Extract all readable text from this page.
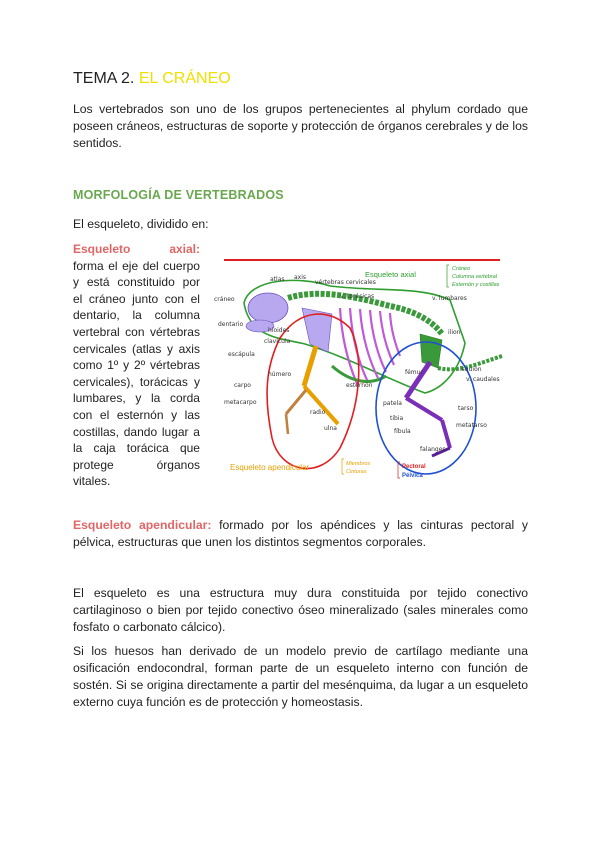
TEMA 2. EL CRÁNEO
Los vertebrados son uno de los grupos pertenecientes al phylum cordado que poseen cráneos, estructuras de soporte y protección de órganos cerebrales y de los sentidos.
MORFOLOGÍA DE VERTEBRADOS
El esqueleto, dividido en:
Esqueleto	axial:
forma el eje del cuerpo
y está constituido por
el cráneo junto con el
dentario, la columna
vertebral con vértebras
cervicales (atlas y axis
como 1º y 2º vértebras
cervicales), torácicas y
lumbares, y la corda
con el esternón y las
costillas, dando lugar a
la caja torácica que
protege	órganos
vitales.
atlas axis
vértebras cervicales
cráneo
dentario
v. torácicas	v. lumbares
hioides
clavícula
escápula
húmero
carpo
metacarpo
radio
ulna
esternón
ilion
fémur	isquion
v. caudales
patela
tibia
fíbula
tarso
metatarso
falanges
Esqueleto axial
Cráneo
Columna vertebral
Esternón y costillas
Esqueleto apendicular	Miembros
Cinturas
Pectoral
Pélvica
Esqueleto apendicular: formado por los apéndices y las cinturas pectoral y pélvica, estructuras que unen los distintos segmentos corporales.
El esqueleto es una estructura muy dura constituida por tejido conectivo cartilaginoso o bien por tejido conectivo óseo mineralizado (sales minerales como fosfato o carbonato cálcico).
Si los huesos han derivado de un modelo previo de cartílago mediante una osificación endocondral, forman parte de un esqueleto interno con función de sostén. Si se origina directamente a partir del mesénquima, da lugar a un esqueleto externo cuya función es de protección y homeostasis.
